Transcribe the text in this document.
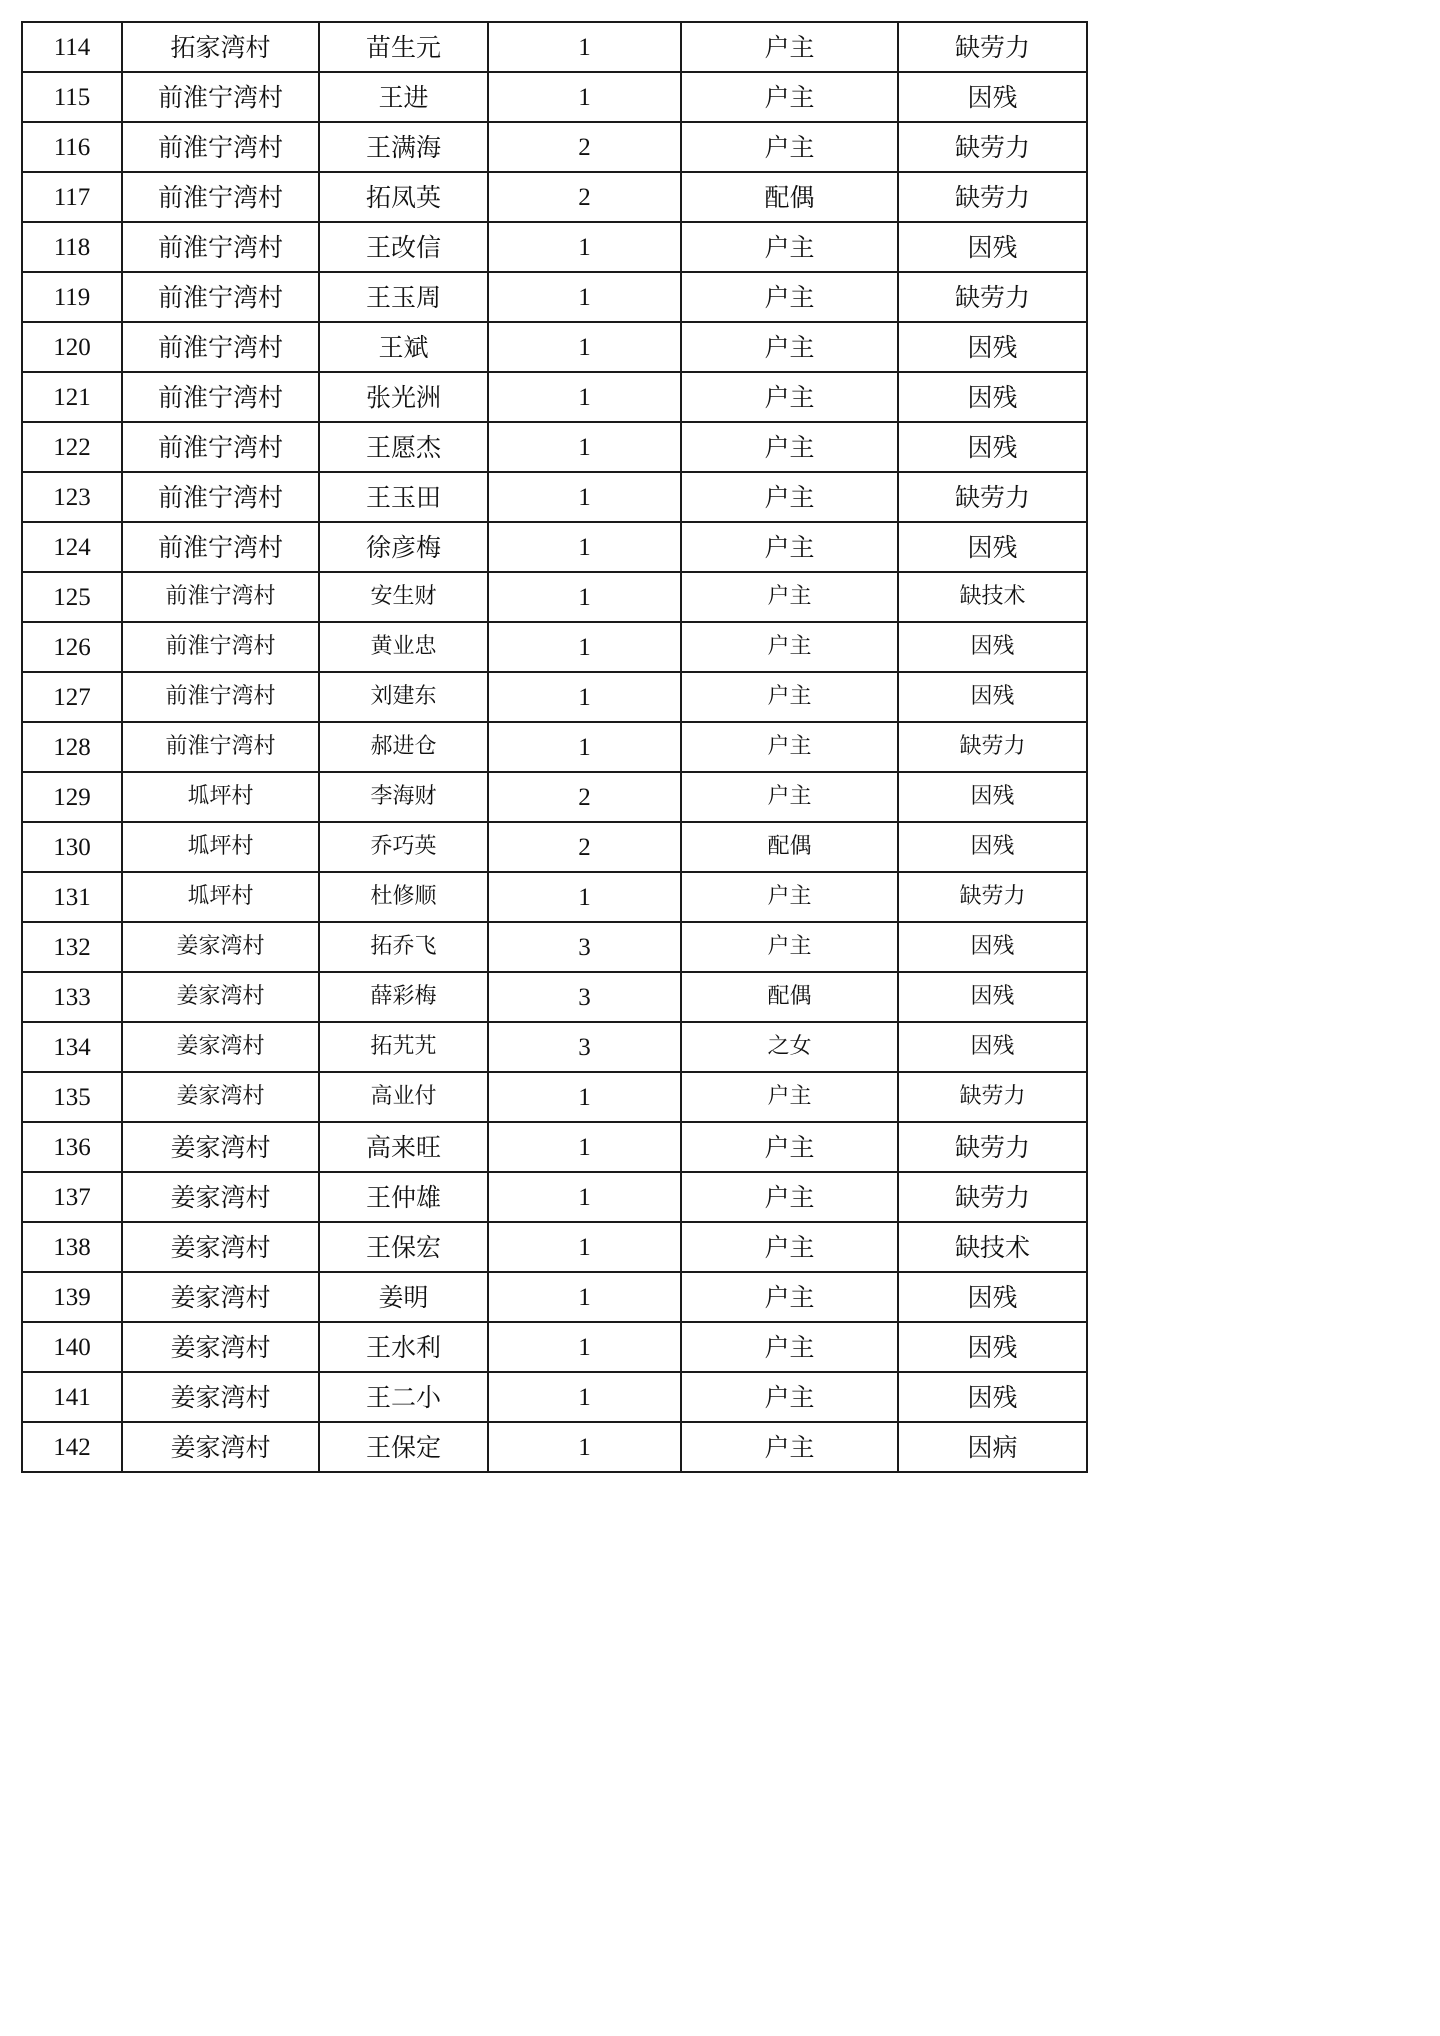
114	拓家湾村	苗生元	1	户主	缺劳力
115	前淮宁湾村	王进	1	户主	因残
116	前淮宁湾村	王满海	2	户主	缺劳力
117	前淮宁湾村	拓凤英	2	配偶	缺劳力
118	前淮宁湾村	王改信	1	户主	因残
119	前淮宁湾村	王玉周	1	户主	缺劳力
120	前淮宁湾村	王斌	1	户主	因残
121	前淮宁湾村	张光洲	1	户主	因残
122	前淮宁湾村	王愿杰	1	户主	因残
123	前淮宁湾村	王玉田	1	户主	缺劳力
124	前淮宁湾村	徐彦梅	1	户主	因残
125	前淮宁湾村	安生财	1	户主	缺技术
126	前淮宁湾村	黄业忠	1	户主	因残
127	前淮宁湾村	刘建东	1	户主	因残
128	前淮宁湾村	郝进仓	1	户主	缺劳力
129	坬坪村	李海财	2	户主	因残
130	坬坪村	乔巧英	2	配偶	因残
131	坬坪村	杜修顺	1	户主	缺劳力
132	姜家湾村	拓乔飞	3	户主	因残
133	姜家湾村	薛彩梅	3	配偶	因残
134	姜家湾村	拓艽艽	3	之女	因残
135	姜家湾村	高业付	1	户主	缺劳力
136	姜家湾村	高来旺	1	户主	缺劳力
137	姜家湾村	王仲雄	1	户主	缺劳力
138	姜家湾村	王保宏	1	户主	缺技术
139	姜家湾村	姜明	1	户主	因残
140	姜家湾村	王水利	1	户主	因残
141	姜家湾村	王二小	1	户主	因残
142	姜家湾村	王保定	1	户主	因病
